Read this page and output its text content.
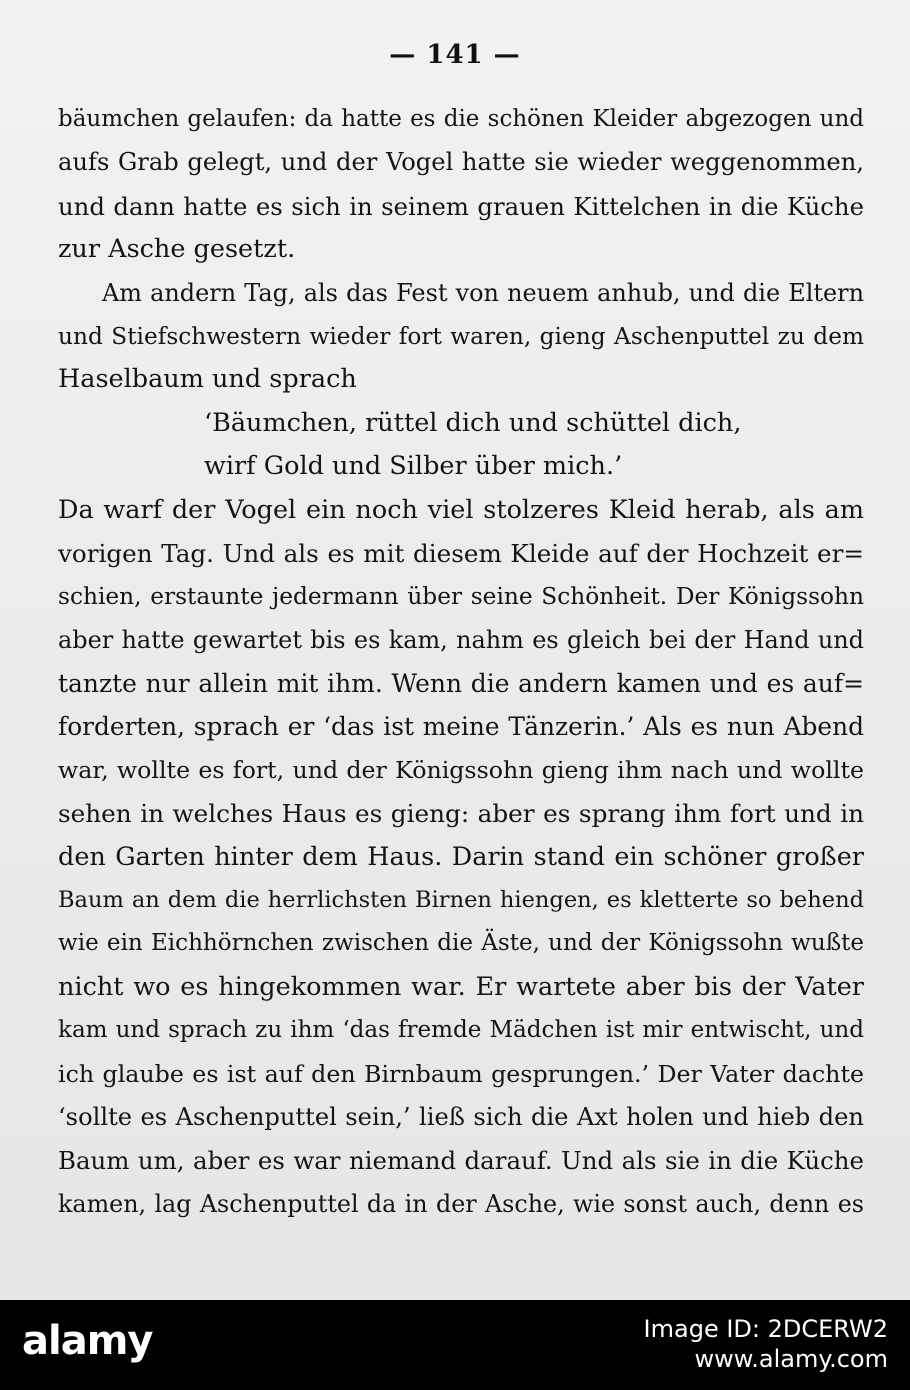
— 141 —
bäumchen gelaufen: da hatte es die schönen Kleider abgezogen und
aufs Grab gelegt, und der Vogel hatte sie wieder weggenommen,
und dann hatte es sich in seinem grauen Kittelchen in die Küche
zur Asche gesetzt.
Am andern Tag, als das Fest von neuem anhub, und die Eltern
und Stiefschwestern wieder fort waren, gieng Aschenputtel zu dem
Haselbaum und sprach
‘Bäumchen, rüttel dich und schüttel dich,
wirf Gold und Silber über mich.’
Da warf der Vogel ein noch viel stolzeres Kleid herab, als am
vorigen Tag. Und als es mit diesem Kleide auf der Hochzeit er=
schien, erstaunte jedermann über seine Schönheit. Der Königssohn
aber hatte gewartet bis es kam, nahm es gleich bei der Hand und
tanzte nur allein mit ihm. Wenn die andern kamen und es auf=
forderten, sprach er ‘das ist meine Tänzerin.’ Als es nun Abend
war, wollte es fort, und der Königssohn gieng ihm nach und wollte
sehen in welches Haus es gieng: aber es sprang ihm fort und in
den Garten hinter dem Haus. Darin stand ein schöner großer
Baum an dem die herrlichsten Birnen hiengen, es kletterte so behend
wie ein Eichhörnchen zwischen die Äste, und der Königssohn wußte
nicht wo es hingekommen war. Er wartete aber bis der Vater
kam und sprach zu ihm ‘das fremde Mädchen ist mir entwischt, und
ich glaube es ist auf den Birnbaum gesprungen.’ Der Vater dachte
‘sollte es Aschenputtel sein,’ ließ sich die Axt holen und hieb den
Baum um, aber es war niemand darauf. Und als sie in die Küche
kamen, lag Aschenputtel da in der Asche, wie sonst auch, denn es
alamy	Image ID: 2DCERW2
www.alamy.com
